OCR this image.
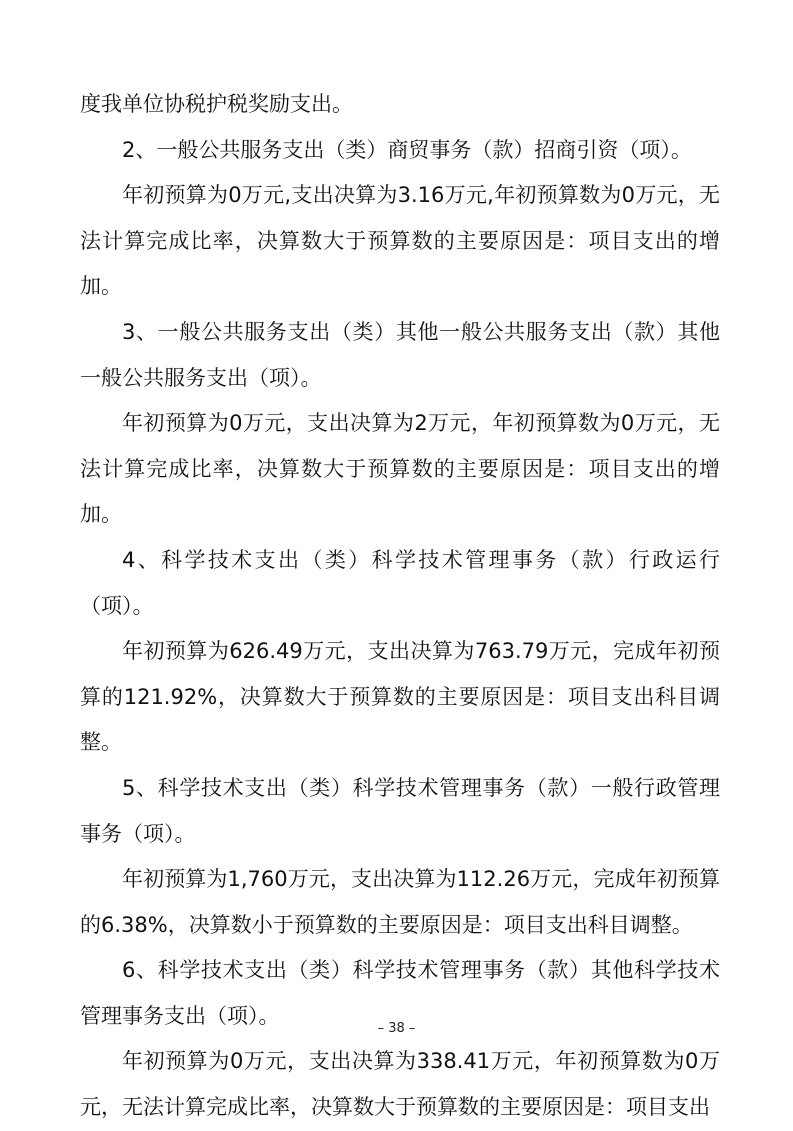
度我单位协税护税奖励支出。

2、一般公共服务支出（类）商贸事务（款）招商引资（项）。

年初预算为0万元,支出决算为3.16万元,年初预算数为0万元，无法计算完成比率，决算数大于预算数的主要原因是：项目支出的增加。

3、一般公共服务支出（类）其他一般公共服务支出（款）其他一般公共服务支出（项）。

年初预算为0万元，支出决算为2万元，年初预算数为0万元，无法计算完成比率，决算数大于预算数的主要原因是：项目支出的增加。

4、科学技术支出（类）科学技术管理事务（款）行政运行（项）。

年初预算为626.49万元，支出决算为763.79万元，完成年初预算的121.92%，决算数大于预算数的主要原因是：项目支出科目调整。

5、科学技术支出（类）科学技术管理事务（款）一般行政管理事务（项）。

年初预算为1,760万元，支出决算为112.26万元，完成年初预算的6.38%，决算数小于预算数的主要原因是：项目支出科目调整。

6、科学技术支出（类）科学技术管理事务（款）其他科学技术管理事务支出（项）。

年初预算为0万元，支出决算为338.41万元，年初预算数为0万元，无法计算完成比率，决算数大于预算数的主要原因是：项目支出

– 38 –
